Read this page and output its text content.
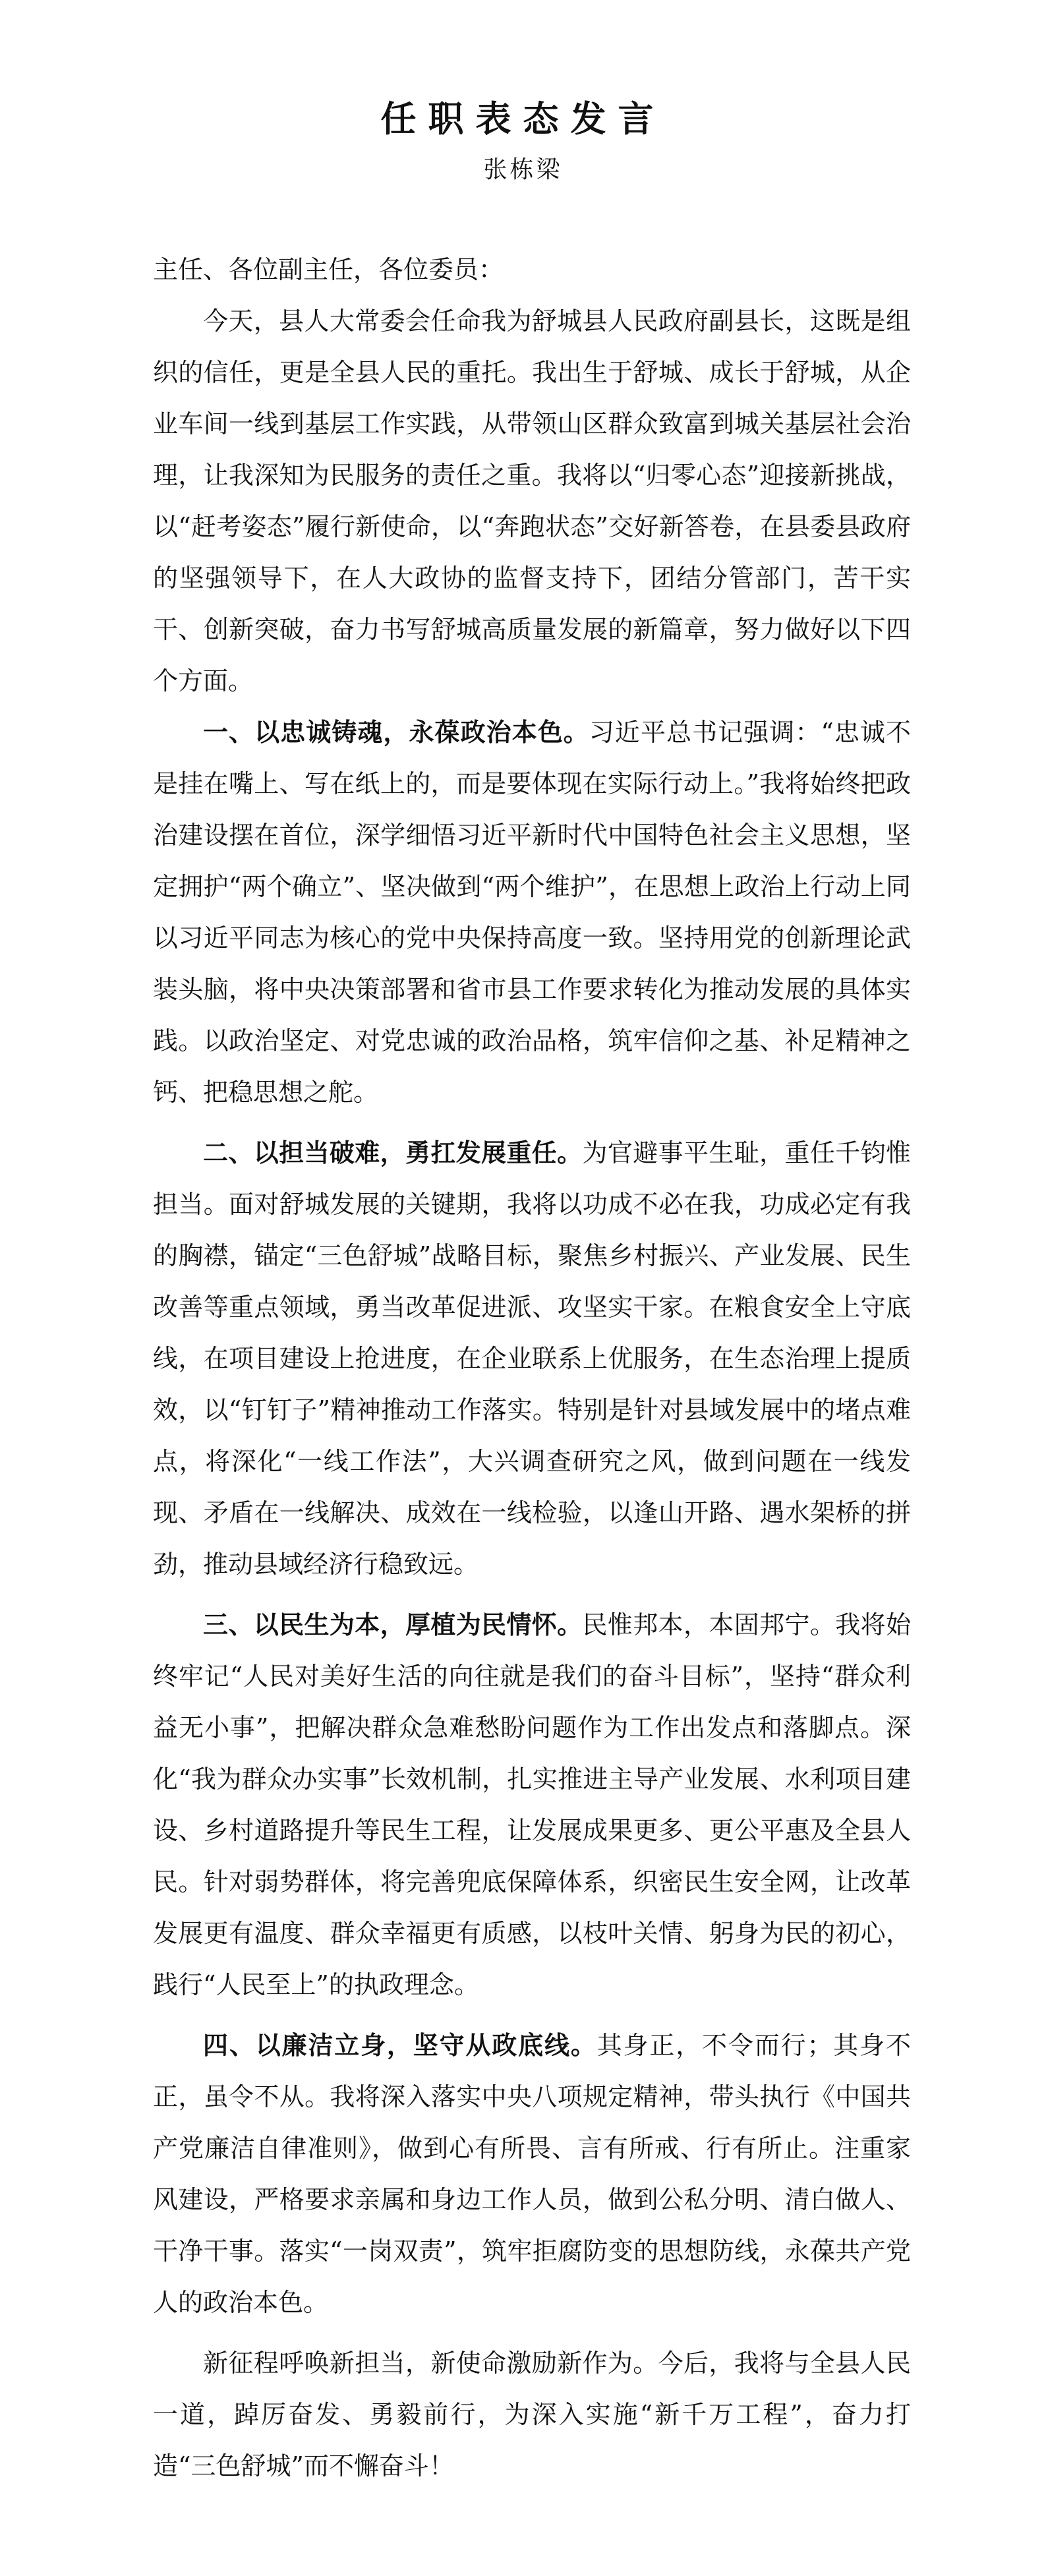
任职表态发言
张栋梁

主任、各位副主任，各位委员：

今天，县人大常委会任命我为舒城县人民政府副县长，这既是组织的信任，更是全县人民的重托。我出生于舒城、成长于舒城，从企业车间一线到基层工作实践，从带领山区群众致富到城关基层社会治理，让我深知为民服务的责任之重。我将以“归零心态”迎接新挑战，以“赶考姿态”履行新使命，以“奔跑状态”交好新答卷，在县委县政府的坚强领导下，在人大政协的监督支持下，团结分管部门，苦干实干、创新突破，奋力书写舒城高质量发展的新篇章，努力做好以下四个方面。

一、以忠诚铸魂，永葆政治本色。习近平总书记强调：“忠诚不是挂在嘴上、写在纸上的，而是要体现在实际行动上。”我将始终把政治建设摆在首位，深学细悟习近平新时代中国特色社会主义思想，坚定拥护“两个确立”、坚决做到“两个维护”，在思想上政治上行动上同以习近平同志为核心的党中央保持高度一致。坚持用党的创新理论武装头脑，将中央决策部署和省市县工作要求转化为推动发展的具体实践。以政治坚定、对党忠诚的政治品格，筑牢信仰之基、补足精神之钙、把稳思想之舵。

二、以担当破难，勇扛发展重任。为官避事平生耻，重任千钧惟担当。面对舒城发展的关键期，我将以功成不必在我，功成必定有我的胸襟，锚定“三色舒城”战略目标，聚焦乡村振兴、产业发展、民生改善等重点领域，勇当改革促进派、攻坚实干家。在粮食安全上守底线，在项目建设上抢进度，在企业联系上优服务，在生态治理上提质效，以“钉钉子”精神推动工作落实。特别是针对县域发展中的堵点难点，将深化“一线工作法”，大兴调查研究之风，做到问题在一线发现、矛盾在一线解决、成效在一线检验，以逢山开路、遇水架桥的拼劲，推动县域经济行稳致远。

三、以民生为本，厚植为民情怀。民惟邦本，本固邦宁。我将始终牢记“人民对美好生活的向往就是我们的奋斗目标”，坚持“群众利益无小事”，把解决群众急难愁盼问题作为工作出发点和落脚点。深化“我为群众办实事”长效机制，扎实推进主导产业发展、水利项目建设、乡村道路提升等民生工程，让发展成果更多、更公平惠及全县人民。针对弱势群体，将完善兜底保障体系，织密民生安全网，让改革发展更有温度、群众幸福更有质感，以枝叶关情、躬身为民的初心，践行“人民至上”的执政理念。

四、以廉洁立身，坚守从政底线。其身正，不令而行；其身不正，虽令不从。我将深入落实中央八项规定精神，带头执行《中国共产党廉洁自律准则》，做到心有所畏、言有所戒、行有所止。注重家风建设，严格要求亲属和身边工作人员，做到公私分明、清白做人、干净干事。落实“一岗双责”，筑牢拒腐防变的思想防线，永葆共产党人的政治本色。

新征程呼唤新担当，新使命激励新作为。今后，我将与全县人民一道，踔厉奋发、勇毅前行，为深入实施“新千万工程”，奋力打造“三色舒城”而不懈奋斗！
